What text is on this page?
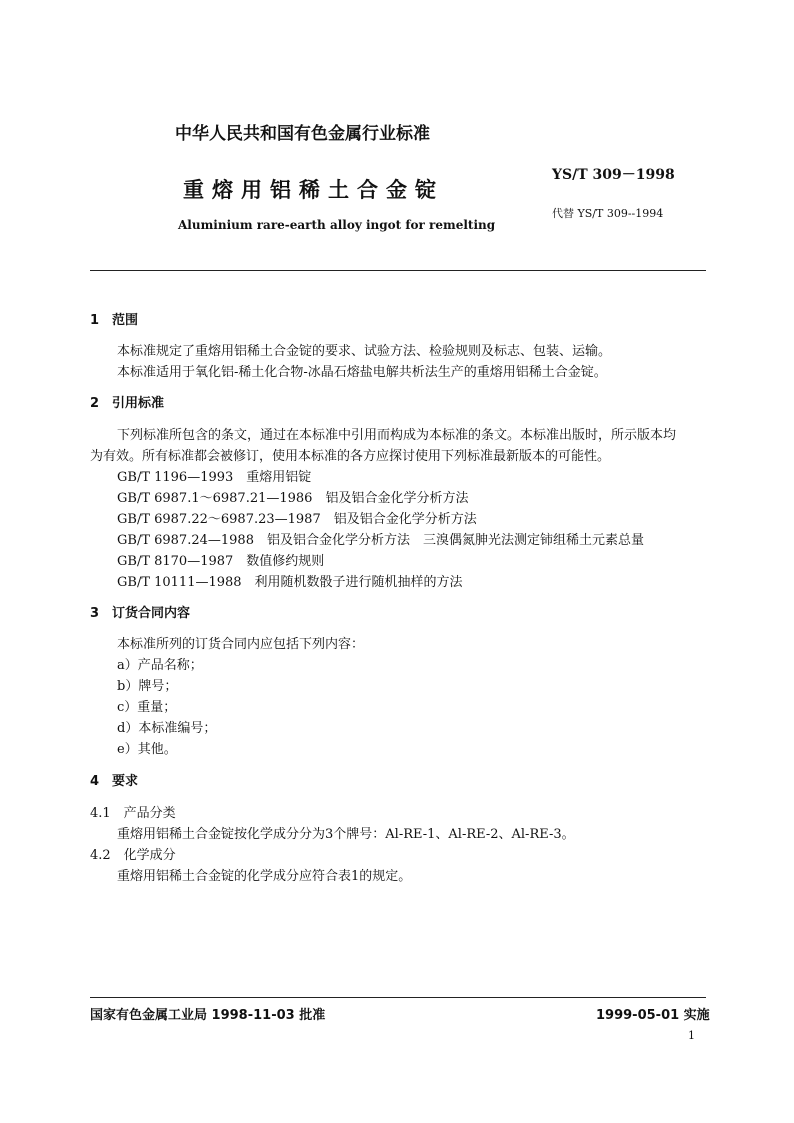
中华人民共和国有色金属行业标准
重熔用铝稀土合金锭
Aluminium rare-earth alloy ingot for remelting
YS/T 309－1998
代替 YS/T 309--1994
1　范围
本标准规定了重熔用铝稀土合金锭的要求、试验方法、检验规则及标志、包装、运输。
本标准适用于氧化铝-稀土化合物-冰晶石熔盐电解共析法生产的重熔用铝稀土合金锭。
2　引用标准
下列标准所包含的条文，通过在本标准中引用而构成为本标准的条文。本标准出版时，所示版本均
为有效。所有标准都会被修订，使用本标准的各方应探讨使用下列标准最新版本的可能性。
GB/T 1196—1993　重熔用铝锭
GB/T 6987.1～6987.21—1986　铝及铝合金化学分析方法
GB/T 6987.22～6987.23—1987　铝及铝合金化学分析方法
GB/T 6987.24—1988　铝及铝合金化学分析方法　三溴偶氮胂光法测定铈组稀土元素总量
GB/T 8170—1987　数值修约规则
GB/T 10111—1988　利用随机数骰子进行随机抽样的方法
3　订货合同内容
本标准所列的订货合同内应包括下列内容：
a）产品名称；
b）牌号；
c）重量；
d）本标准编号；
e）其他。
4　要求
4.1　产品分类
重熔用铝稀土合金锭按化学成分分为3个牌号：Al-RE-1、Al-RE-2、Al-RE-3。
4.2　化学成分
重熔用铝稀土合金锭的化学成分应符合表1的规定。
国家有色金属工业局 1998-11-03 批准	1999-05-01 实施
1
